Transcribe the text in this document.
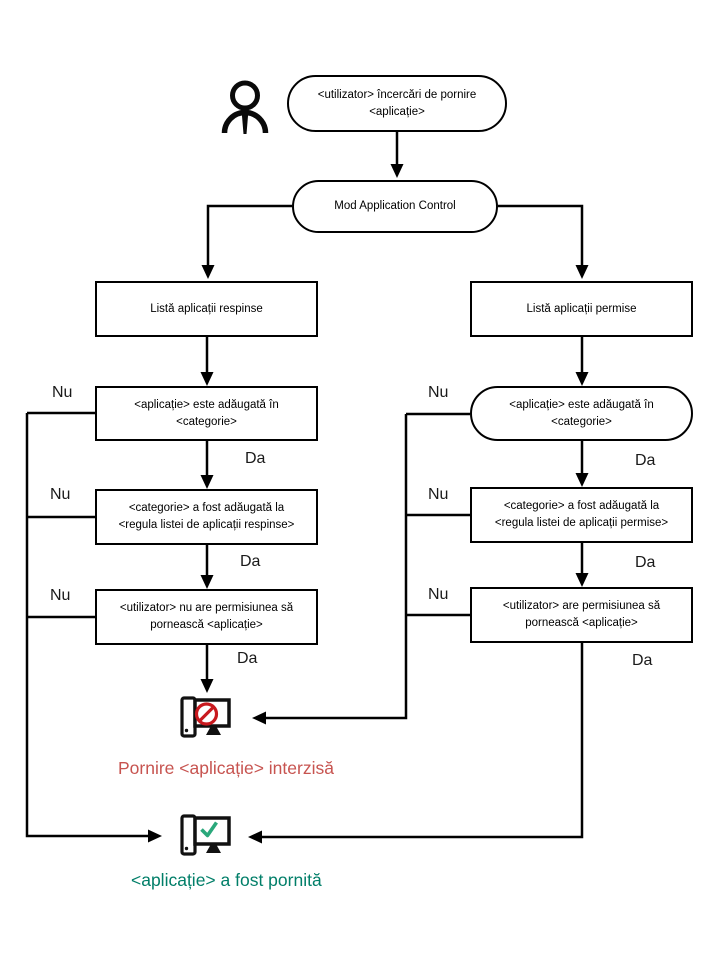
<utilizator> încercări de pornire <aplicație>
Mod Application Control
Listă aplicații respinse	Listă aplicații permise
<aplicație> este adăugată în <categorie>
<aplicație> este adăugată în <categorie>
<categorie> a fost adăugată la <regula listei de aplicații respinse>
<categorie> a fost adăugată la <regula listei de aplicații permise>
<utilizator> nu are permisiunea să pornească <aplicație>
<utilizator> are permisiunea să pornească <aplicație>
Nu
Nu
Nu
Nu
Nu
Nu
Da
Da
Da
Da
Da
Da
Pornire <aplicație> interzisă
<aplicație> a fost pornită
